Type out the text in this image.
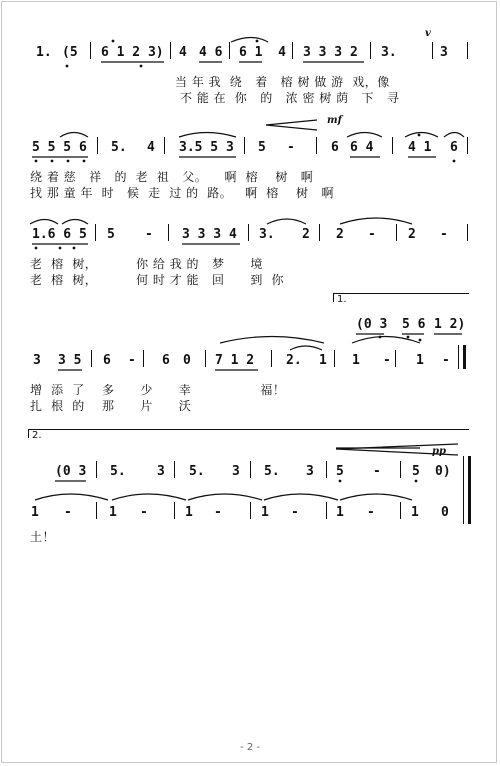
1. (5 6 1 2 3) 4 4 6 6 1  4 3 3 3 2 3.	3
v
当 年 我  绕   着   榕 树 做 游  戏，像
不 能 在  你   的   浓 密 树 荫   下   寻
5 5 5 6 5. 4 3.5 5 3 5 -	6 6 4	4 1 6
mf
绕 着 慈   祥   的  老  祖   父。    啊  榕    树   啊
找 那 童 年  时   候  走  过 的  路。   啊  榕    树   啊
1.6 6 5 5 - 3 3 3 4 3. 2 2 - 2 -
老  榕  树，         你 给 我 的   梦      境
老  榕  树，         何 时 才 能   回      到  你
1.
(0 3 5 6 1 2)
3 3 5 6 - 6 0 7 1 2 2. 1 1 - 1 -
增  添  了    多      少      幸                福！
扎  根  的    那      片      沃
2.
pp
(0 3 5. 3 5. 3 5. 3 5 - 5 0)
1 -	1 -	1 -	1 -	1 -	1 0
土！
- 2 -
